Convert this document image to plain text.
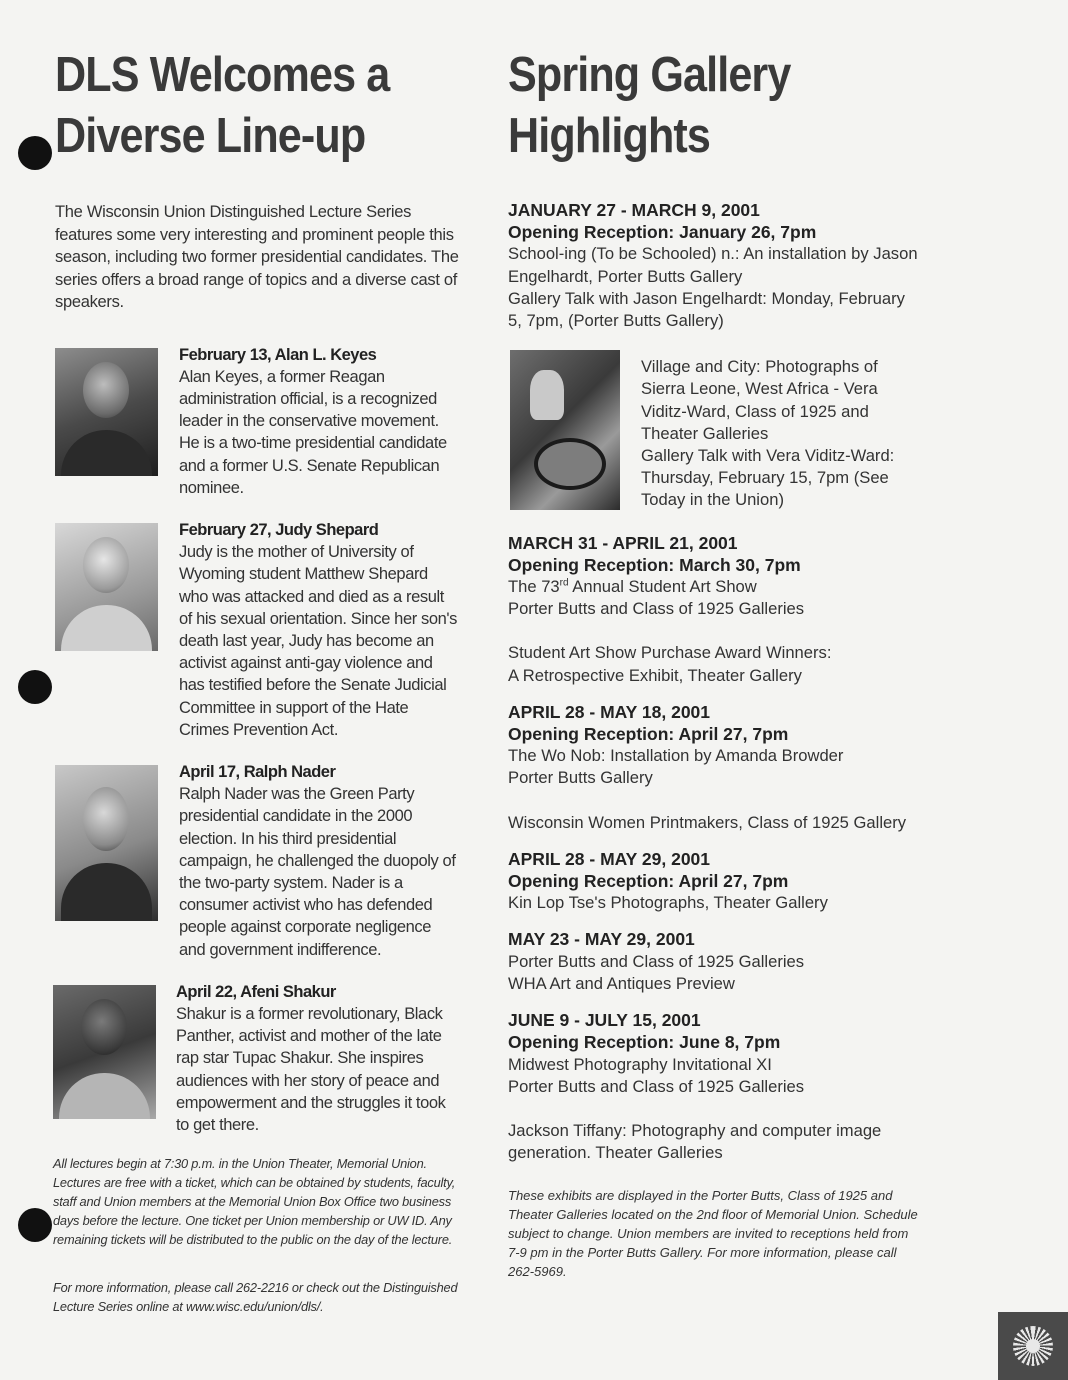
DLS Welcomes a
Diverse Line-up
The Wisconsin Union Distinguished Lecture Series features some very interesting and prominent people this season, including two former presidential candidates. The series offers a broad range of topics and a diverse cast of speakers.
February 13, Alan L. Keyes
Alan Keyes, a former Reagan administration official, is a recognized leader in the conservative movement. He is a two-time presidential candidate and a former U.S. Senate Republican nominee.
February 27, Judy Shepard
Judy is the mother of University of Wyoming student Matthew Shepard who was attacked and died as a result of his sexual orientation. Since her son's death last year, Judy has become an activist against anti-gay violence and has testified before the Senate Judicial Committee in support of the Hate Crimes Prevention Act.
April 17, Ralph Nader
Ralph Nader was the Green Party presidential candidate in the 2000 election. In his third presidential campaign, he challenged the duopoly of the two-party system. Nader is a consumer activist who has defended people against corporate negligence and government indifference.
April 22, Afeni Shakur
Shakur is a former revolutionary, Black Panther, activist and mother of the late rap star Tupac Shakur. She inspires audiences with her story of peace and empowerment and the struggles it took to get there.
All lectures begin at 7:30 p.m. in the Union Theater, Memorial Union. Lectures are free with a ticket, which can be obtained by students, faculty, staff and Union members at the Memorial Union Box Office two business days before the lecture. One ticket per Union membership or UW ID. Any remaining tickets will be distributed to the public on the day of the lecture.
For more information, please call 262-2216 or check out the Distinguished Lecture Series online at www.wisc.edu/union/dls/.
Spring Gallery
Highlights
JANUARY 27 - MARCH 9, 2001
Opening Reception: January 26, 7pm
School-ing (To be Schooled) n.: An installation by Jason Engelhardt, Porter Butts Gallery
Gallery Talk with Jason Engelhardt: Monday, February 5, 7pm, (Porter Butts Gallery)
Village and City: Photographs of Sierra Leone, West Africa - Vera Viditz-Ward, Class of 1925 and Theater Galleries
Gallery Talk with Vera Viditz-Ward: Thursday, February 15, 7pm (See Today in the Union)
MARCH 31 - APRIL 21, 2001
Opening Reception: March 30, 7pm
The 73rd Annual Student Art Show
Porter Butts and Class of 1925 Galleries
Student Art Show Purchase Award Winners:
A Retrospective Exhibit, Theater Gallery
APRIL 28 - MAY 18, 2001
Opening Reception: April 27, 7pm
The Wo Nob: Installation by Amanda Browder
Porter Butts Gallery
Wisconsin Women Printmakers, Class of 1925 Gallery
APRIL 28 - MAY 29, 2001
Opening Reception: April 27, 7pm
Kin Lop Tse's Photographs, Theater Gallery
MAY 23 - MAY 29, 2001
Porter Butts and Class of 1925 Galleries
WHA Art and Antiques Preview
JUNE 9 - JULY 15, 2001
Opening Reception: June 8, 7pm
Midwest Photography Invitational XI
Porter Butts and Class of 1925 Galleries
Jackson Tiffany: Photography and computer image generation. Theater Galleries
These exhibits are displayed in the Porter Butts, Class of 1925 and Theater Galleries located on the 2nd floor of Memorial Union. Schedule subject to change. Union members are invited to receptions held from 7-9 pm in the Porter Butts Gallery. For more information, please call 262-5969.
